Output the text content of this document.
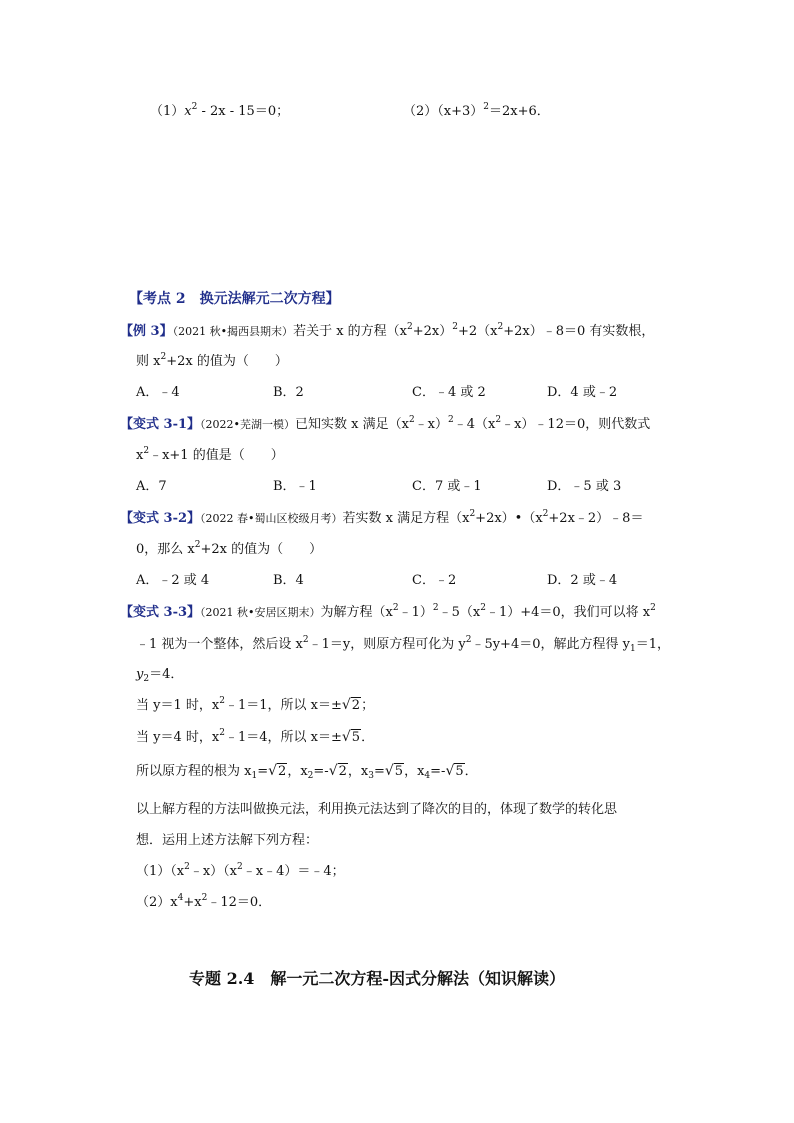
$(1)x^2 - 2x - 15=0$；	$(2)(x+3)^2=2x+6$．
【考点 2　换元法解元二次方程】
【例 3】（2021 秋•揭西县期末）若关于 x 的方程$(x^2+2x)^2+2(x^2+2x)﹣8=0$ 有实数根，
则 $x^2+2x$ 的值为（　　）
A．﹣4	B．2	C．﹣4 或 2	D．4 或﹣2
【变式 3-1】（2022•芜湖一模）已知实数 x 满足$(x^2﹣x)^2﹣4(x^2﹣x)﹣12=0$，则代数式
$x^2﹣x+1$ 的值是（　　）
A．7	B．﹣1	C．7 或﹣1	D．﹣5 或 3
【变式 3-2】（2022 春•蜀山区校级月考）若实数 x 满足方程$(x^2+2x)•(x^2+2x﹣2)﹣8=$
0，那么 $x^2+2x$ 的值为（　　）
A．﹣2 或 4	B．4	C．﹣2	D．2 或﹣4
【变式 3-3】（2021 秋•安居区期末）为解方程$(x^2﹣1)^2﹣5(x^2﹣1)+4=0$，我们可以将 $x^2$
﹣1 视为一个整体，然后设 $x^2﹣1=y$，则原方程可化为 $y^2﹣5y+4=0$，解此方程得 $y_1=1$，
$y_2=4$．
当 y＝1 时，$x^2﹣1=1$，所以 x＝±√2；
当 y＝4 时，$x^2﹣1=4$，所以 x＝±√5．
所以原方程的根为 $x_1=√2$，$x_2=-√2$，$x_3=√5$，$x_4=-√5$．
以上解方程的方法叫做换元法，利用换元法达到了降次的目的，体现了数学的转化思
想．运用上述方法解下列方程：
$(1)(x^2﹣x)(x^2﹣x﹣4)=﹣4$；
$(2)x^4+x^2﹣12=0$．
专题 2.4　解一元二次方程-因式分解法（知识解读）
